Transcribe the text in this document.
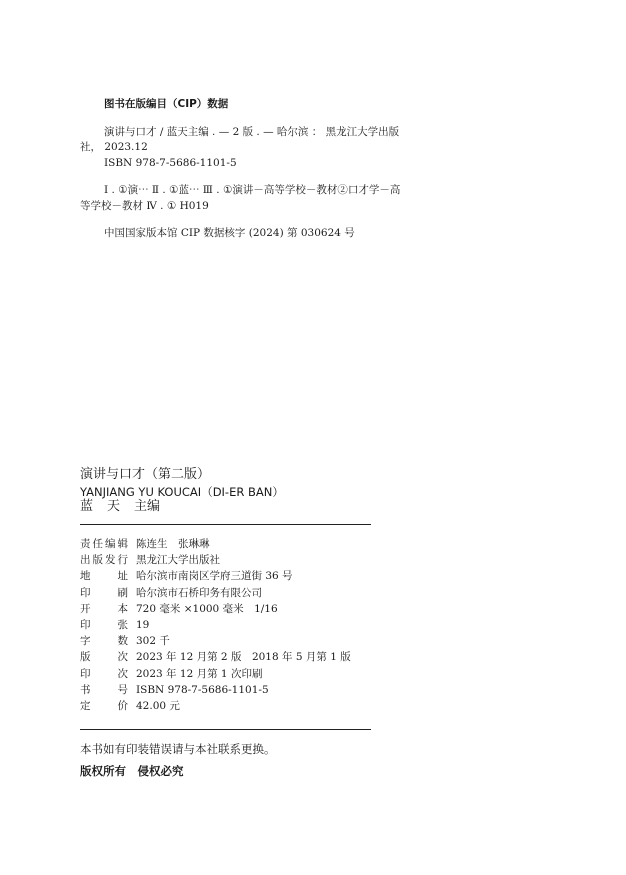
图书在版编目（CIP）数据
演讲与口才 / 蓝天主编 . — 2 版 . — 哈尔滨 ： 黑龙江大学出版社， 2023.12
ISBN 978-7-5686-1101-5
Ⅰ . ①演⋯ Ⅱ . ①蓝⋯ Ⅲ . ①演讲－高等学校－教材②口才学－高等学校－教材 Ⅳ . ① H019
中国国家版本馆 CIP 数据核字 (2024) 第 030624 号
演讲与口才（第二版）
YANJIANG YU KOUCAI（DI-ER BAN）
蓝 天 主编
责任编辑 陈连生　张琳琳
出版发行 黑龙江大学出版社
地址 哈尔滨市南岗区学府三道街 36 号
印刷 哈尔滨市石桥印务有限公司
开本 720 毫米 ×1000 毫米　1/16
印张 19
字数 302 千
版次 2023 年 12 月第 2 版　2018 年 5 月第 1 版
印次 2023 年 12 月第 1 次印刷
书号 ISBN 978-7-5686-1101-5
定价 42.00 元
本书如有印装错误请与本社联系更换。
版权所有　侵权必究
